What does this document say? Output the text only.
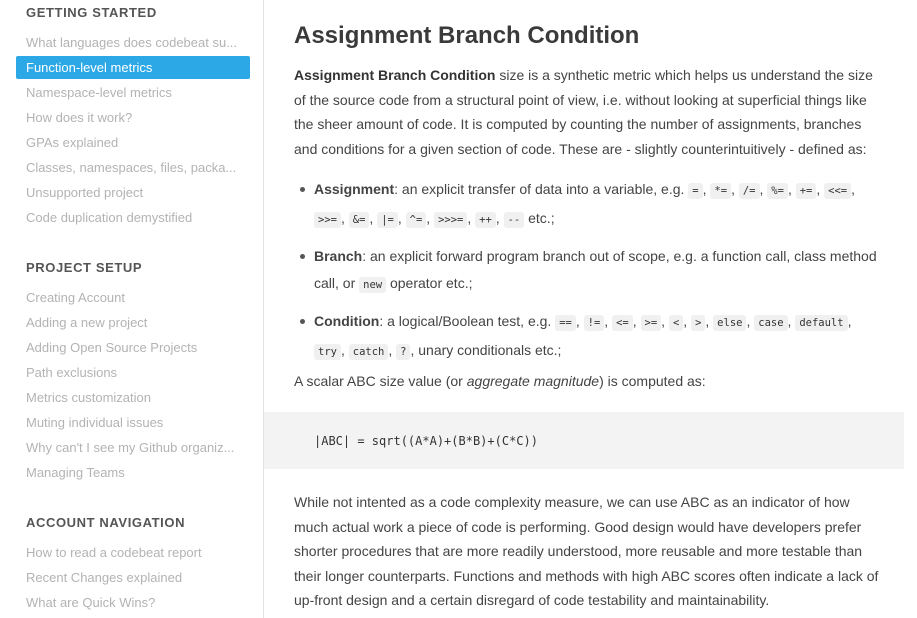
GETTING STARTED
What languages does codebeat su...
Function-level metrics
Namespace-level metrics
How does it work?
GPAs explained
Classes, namespaces, files, packa...
Unsupported project
Code duplication demystified
PROJECT SETUP
Creating Account
Adding a new project
Adding Open Source Projects
Path exclusions
Metrics customization
Muting individual issues
Why can't I see my Github organiz...
Managing Teams
ACCOUNT NAVIGATION
How to read a codebeat report
Recent Changes explained
What are Quick Wins?
Assignment Branch Condition

Assignment Branch Condition size is a synthetic metric which helps us understand the size of the source code from a structural point of view, i.e. without looking at superficial things like the sheer amount of code. It is computed by counting the number of assignments, branches and conditions for a given section of code. These are - slightly counterintuitively - defined as:

Assignment: an explicit transfer of data into a variable, e.g. = , *= , /= , %= , += , <<= , >>= , &= , |= , ^= , >>>= , ++ , -- etc.;
Branch: an explicit forward program branch out of scope, e.g. a function call, class method call, or new operator etc.;
Condition: a logical/Boolean test, e.g. == , != , <= , >= , < , > , else , case , default , try , catch , ? , unary conditionals etc.;

A scalar ABC size value (or aggregate magnitude) is computed as:

|ABC| = sqrt((A*A)+(B*B)+(C*C))

While not intented as a code complexity measure, we can use ABC as an indicator of how much actual work a piece of code is performing. Good design would have developers prefer shorter procedures that are more readily understood, more reusable and more testable than their longer counterparts. Functions and methods with high ABC scores often indicate a lack of up-front design and a certain disregard of code testability and maintainability.
